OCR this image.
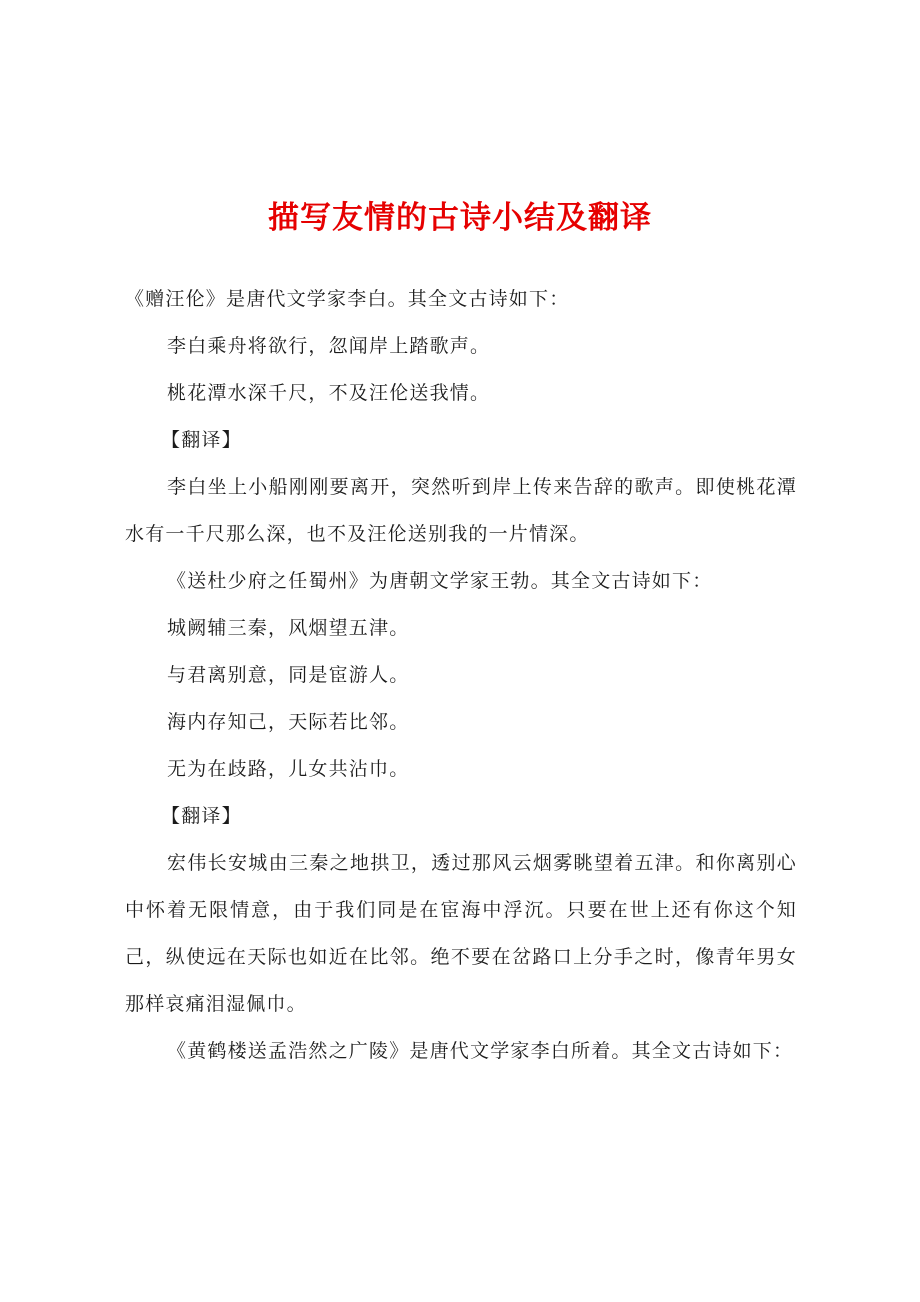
描写友情的古诗小结及翻译

《赠汪伦》是唐代文学家李白。其全文古诗如下：

李白乘舟将欲行，忽闻岸上踏歌声。

桃花潭水深千尺，不及汪伦送我情。

【翻译】

李白坐上小船刚刚要离开，突然听到岸上传来告辞的歌声。即使桃花潭水有一千尺那么深，也不及汪伦送别我的一片情深。

《送杜少府之任蜀州》为唐朝文学家王勃。其全文古诗如下：

城阙辅三秦，风烟望五津。

与君离别意，同是宦游人。

海内存知己，天际若比邻。

无为在歧路，儿女共沾巾。

【翻译】

宏伟长安城由三秦之地拱卫，透过那风云烟雾眺望着五津。和你离别心中怀着无限情意，由于我们同是在宦海中浮沉。只要在世上还有你这个知己，纵使远在天际也如近在比邻。绝不要在岔路口上分手之时，像青年男女那样哀痛泪湿佩巾。

《黄鹤楼送孟浩然之广陵》是唐代文学家李白所着。其全文古诗如下：
